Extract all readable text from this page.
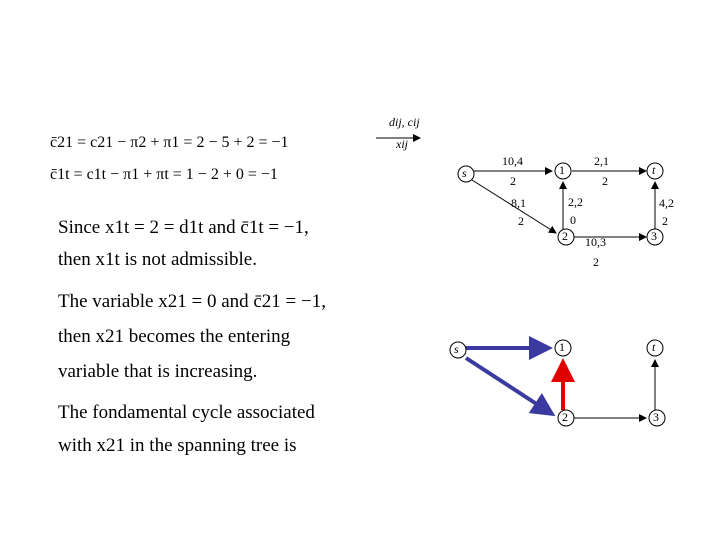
c̄21 = c21 − π2 + π1 = 2 − 5 + 2 = −1
c̄1t = c1t − π1 + πt = 1 − 2 + 0 = −1
Since x1t = 2 = d1t and c̄1t = −1,
then x1t is not admissible.
The variable x21 = 0 and c̄21 = −1,
then x21 becomes the entering
variable that is increasing.
The fondamental cycle associated
with x21 in the spanning tree is
dij, cij
xij
s	1	t
2	3
10,4
2
2,1
2
8,1
2
2,2
0
10,3
2
4,2
2
s	1	t
2	3
